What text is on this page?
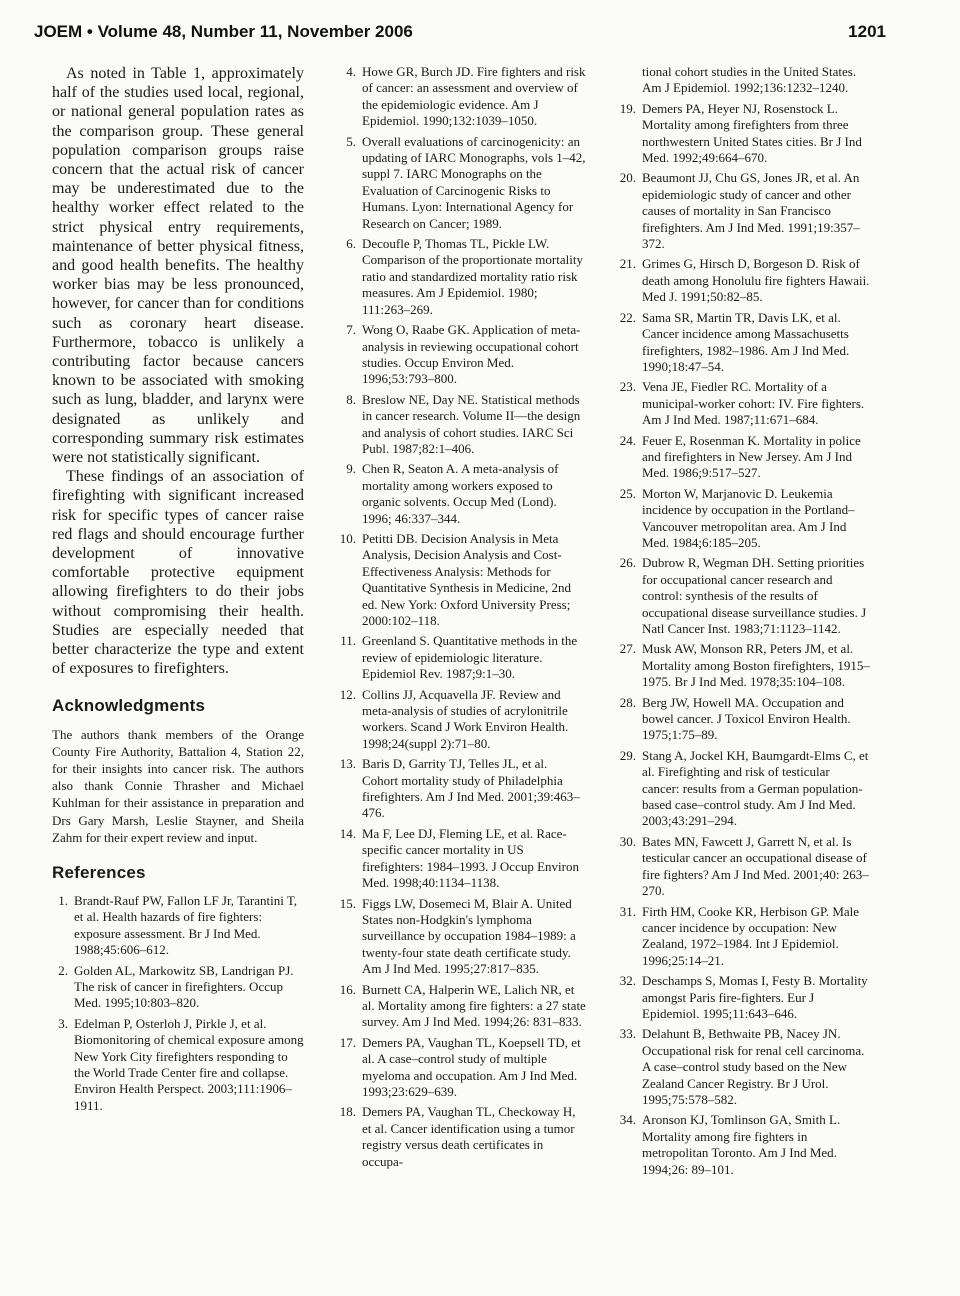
JOEM • Volume 48, Number 11, November 2006	1201

As noted in Table 1, approximately half of the studies used local, regional, or national general population rates as the comparison group. These general population comparison groups raise concern that the actual risk of cancer may be underestimated due to the healthy worker effect related to the strict physical entry requirements, maintenance of better physical fitness, and good health benefits. The healthy worker bias may be less pronounced, however, for cancer than for conditions such as coronary heart disease. Furthermore, tobacco is unlikely a contributing factor because cancers known to be associated with smoking such as lung, bladder, and larynx were designated as unlikely and corresponding summary risk estimates were not statistically significant.

These findings of an association of firefighting with significant increased risk for specific types of cancer raise red flags and should encourage further development of innovative comfortable protective equipment allowing firefighters to do their jobs without compromising their health. Studies are especially needed that better characterize the type and extent of exposures to firefighters.

Acknowledgments

The authors thank members of the Orange County Fire Authority, Battalion 4, Station 22, for their insights into cancer risk. The authors also thank Connie Thrasher and Michael Kuhlman for their assistance in preparation and Drs Gary Marsh, Leslie Stayner, and Sheila Zahm for their expert review and input.

References
1. Brandt-Rauf PW, Fallon LF Jr, Tarantini T, et al. Health hazards of fire fighters: exposure assessment. Br J Ind Med. 1988;45:606–612.
2. Golden AL, Markowitz SB, Landrigan PJ. The risk of cancer in firefighters. Occup Med. 1995;10:803–820.
3. Edelman P, Osterloh J, Pirkle J, et al. Biomonitoring of chemical exposure among New York City firefighters responding to the World Trade Center fire and collapse. Environ Health Perspect. 2003;111:1906–1911.
4. Howe GR, Burch JD. Fire fighters and risk of cancer: an assessment and overview of the epidemiologic evidence. Am J Epidemiol. 1990;132:1039–1050.
5. Overall evaluations of carcinogenicity: an updating of IARC Monographs, vols 1–42, suppl 7. IARC Monographs on the Evaluation of Carcinogenic Risks to Humans. Lyon: International Agency for Research on Cancer; 1989.
6. Decoufle P, Thomas TL, Pickle LW. Comparison of the proportionate mortality ratio and standardized mortality ratio risk measures. Am J Epidemiol. 1980; 111:263–269.
7. Wong O, Raabe GK. Application of meta-analysis in reviewing occupational cohort studies. Occup Environ Med. 1996;53:793–800.
8. Breslow NE, Day NE. Statistical methods in cancer research. Volume II—the design and analysis of cohort studies. IARC Sci Publ. 1987;82:1–406.
9. Chen R, Seaton A. A meta-analysis of mortality among workers exposed to organic solvents. Occup Med (Lond). 1996; 46:337–344.
10. Petitti DB. Decision Analysis in Meta Analysis, Decision Analysis and Cost-Effectiveness Analysis: Methods for Quantitative Synthesis in Medicine, 2nd ed. New York: Oxford University Press; 2000:102–118.
11. Greenland S. Quantitative methods in the review of epidemiologic literature. Epidemiol Rev. 1987;9:1–30.
12. Collins JJ, Acquavella JF. Review and meta-analysis of studies of acrylonitrile workers. Scand J Work Environ Health. 1998;24(suppl 2):71–80.
13. Baris D, Garrity TJ, Telles JL, et al. Cohort mortality study of Philadelphia firefighters. Am J Ind Med. 2001;39:463–476.
14. Ma F, Lee DJ, Fleming LE, et al. Race-specific cancer mortality in US firefighters: 1984–1993. J Occup Environ Med. 1998;40:1134–1138.
15. Figgs LW, Dosemeci M, Blair A. United States non-Hodgkin's lymphoma surveillance by occupation 1984–1989: a twenty-four state death certificate study. Am J Ind Med. 1995;27:817–835.
16. Burnett CA, Halperin WE, Lalich NR, et al. Mortality among fire fighters: a 27 state survey. Am J Ind Med. 1994;26: 831–833.
17. Demers PA, Vaughan TL, Koepsell TD, et al. A case–control study of multiple myeloma and occupation. Am J Ind Med. 1993;23:629–639.
18. Demers PA, Vaughan TL, Checkoway H, et al. Cancer identification using a tumor registry versus death certificates in occupa-
tional cohort studies in the United States. Am J Epidemiol. 1992;136:1232–1240.
19. Demers PA, Heyer NJ, Rosenstock L. Mortality among firefighters from three northwestern United States cities. Br J Ind Med. 1992;49:664–670.
20. Beaumont JJ, Chu GS, Jones JR, et al. An epidemiologic study of cancer and other causes of mortality in San Francisco firefighters. Am J Ind Med. 1991;19:357–372.
21. Grimes G, Hirsch D, Borgeson D. Risk of death among Honolulu fire fighters Hawaii. Med J. 1991;50:82–85.
22. Sama SR, Martin TR, Davis LK, et al. Cancer incidence among Massachusetts firefighters, 1982–1986. Am J Ind Med. 1990;18:47–54.
23. Vena JE, Fiedler RC. Mortality of a municipal-worker cohort: IV. Fire fighters. Am J Ind Med. 1987;11:671–684.
24. Feuer E, Rosenman K. Mortality in police and firefighters in New Jersey. Am J Ind Med. 1986;9:517–527.
25. Morton W, Marjanovic D. Leukemia incidence by occupation in the Portland–Vancouver metropolitan area. Am J Ind Med. 1984;6:185–205.
26. Dubrow R, Wegman DH. Setting priorities for occupational cancer research and control: synthesis of the results of occupational disease surveillance studies. J Natl Cancer Inst. 1983;71:1123–1142.
27. Musk AW, Monson RR, Peters JM, et al. Mortality among Boston firefighters, 1915–1975. Br J Ind Med. 1978;35:104–108.
28. Berg JW, Howell MA. Occupation and bowel cancer. J Toxicol Environ Health. 1975;1:75–89.
29. Stang A, Jockel KH, Baumgardt-Elms C, et al. Firefighting and risk of testicular cancer: results from a German population-based case–control study. Am J Ind Med. 2003;43:291–294.
30. Bates MN, Fawcett J, Garrett N, et al. Is testicular cancer an occupational disease of fire fighters? Am J Ind Med. 2001;40: 263–270.
31. Firth HM, Cooke KR, Herbison GP. Male cancer incidence by occupation: New Zealand, 1972–1984. Int J Epidemiol. 1996;25:14–21.
32. Deschamps S, Momas I, Festy B. Mortality amongst Paris fire-fighters. Eur J Epidemiol. 1995;11:643–646.
33. Delahunt B, Bethwaite PB, Nacey JN. Occupational risk for renal cell carcinoma. A case–control study based on the New Zealand Cancer Registry. Br J Urol. 1995;75:578–582.
34. Aronson KJ, Tomlinson GA, Smith L. Mortality among fire fighters in metropolitan Toronto. Am J Ind Med. 1994;26: 89–101.
